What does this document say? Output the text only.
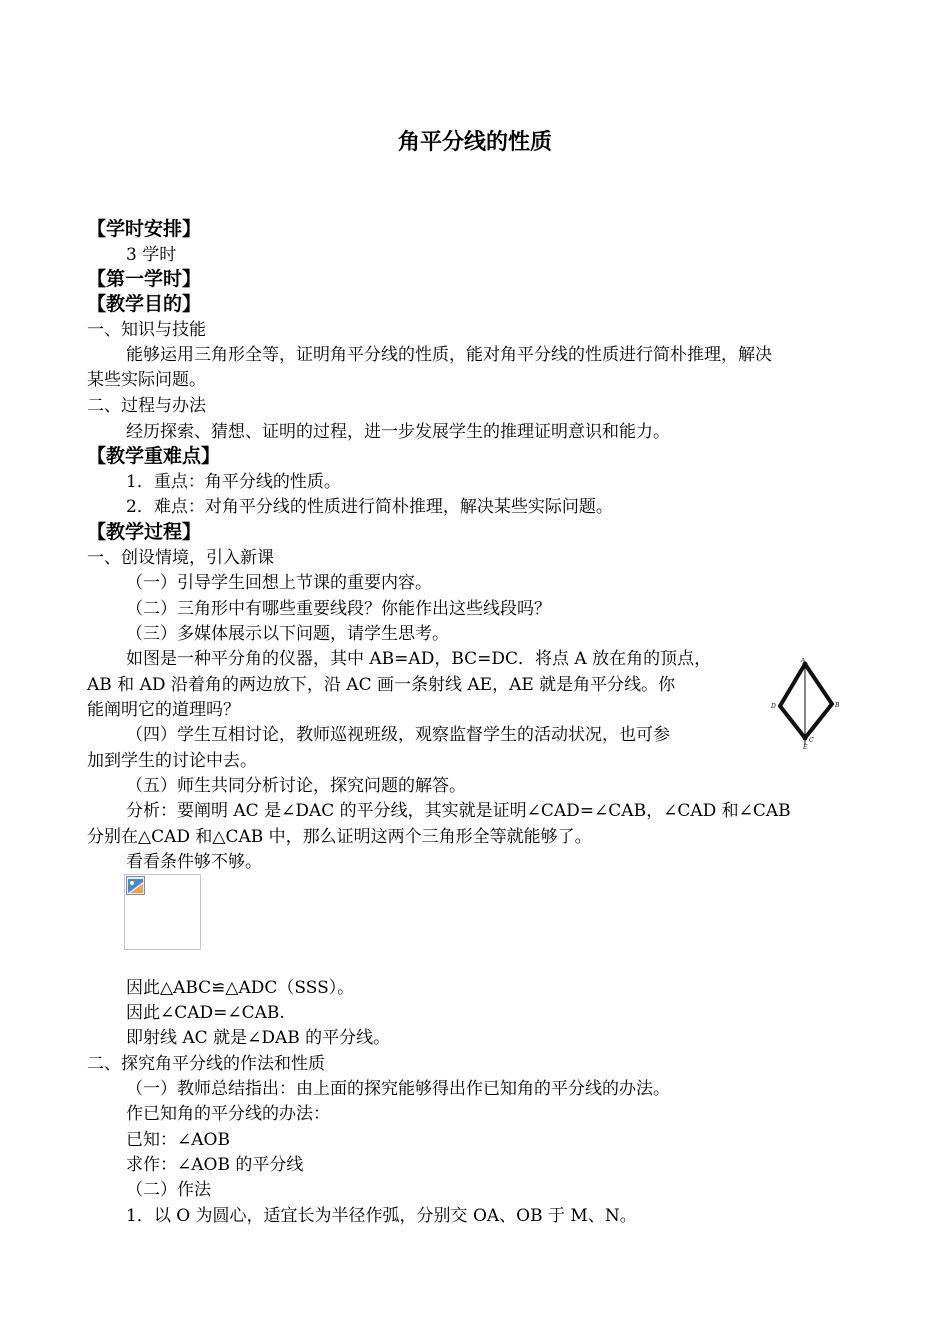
角平分线的性质
【学时安排】
3 学时
【第一学时】
【教学目的】
一、知识与技能
能够运用三角形全等，证明角平分线的性质，能对角平分线的性质进行简朴推理，解决
某些实际问题。
二、过程与办法
经历探索、猜想、证明的过程，进一步发展学生的推理证明意识和能力。
【教学重难点】
1．重点：角平分线的性质。
2．难点：对角平分线的性质进行简朴推理，解决某些实际问题。
【教学过程】
一、创设情境，引入新课
（一）引导学生回想上节课的重要内容。
（二）三角形中有哪些重要线段？你能作出这些线段吗？
（三）多媒体展示以下问题，请学生思考。
如图是一种平分角的仪器，其中 AB=AD，BC=DC．将点 A 放在角的顶点，
AB 和 AD 沿着角的两边放下，沿 AC 画一条射线 AE，AE 就是角平分线。你
能阐明它的道理吗？
（四）学生互相讨论，教师巡视班级，观察监督学生的活动状况，也可参
加到学生的讨论中去。
（五）师生共同分析讨论，探究问题的解答。
分析：要阐明 AC 是∠DAC 的平分线，其实就是证明∠CAD=∠CAB，∠CAD 和∠CAB
分别在△CAD 和△CAB 中，那么证明这两个三角形全等就能够了。
看看条件够不够。
A
D	B
C
E
因此△ABC≌△ADC（SSS）。
因此∠CAD=∠CAB.
即射线 AC 就是∠DAB 的平分线。
二、探究角平分线的作法和性质
（一）教师总结指出：由上面的探究能够得出作已知角的平分线的办法。
作已知角的平分线的办法：
已知：∠AOB
求作：∠AOB 的平分线
（二）作法
1．以 O 为圆心，适宜长为半径作弧，分别交 OA、OB 于 M、N。
